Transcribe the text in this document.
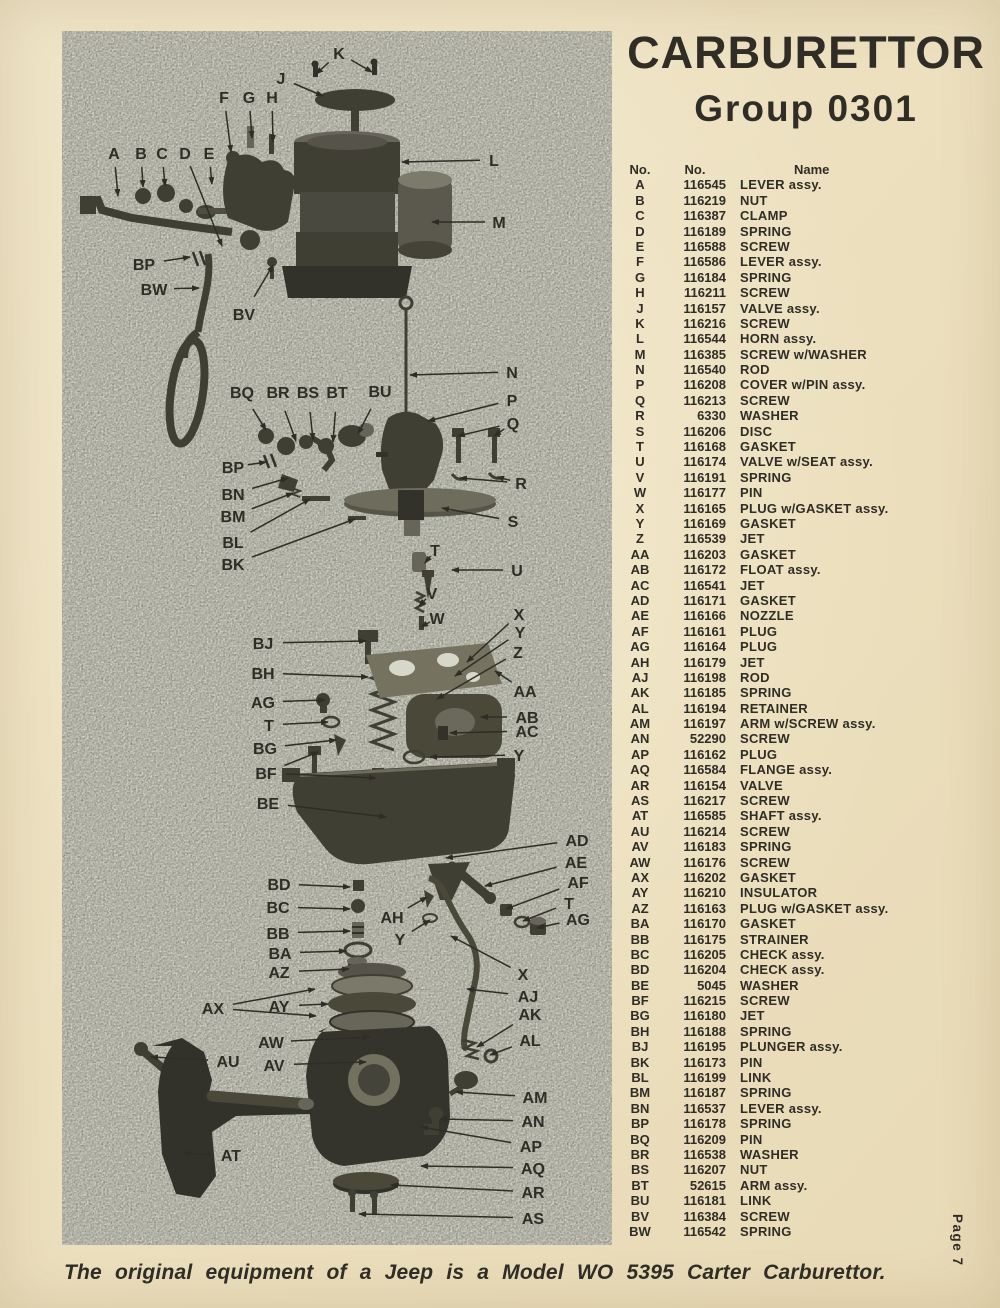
K
J
F G H
A B C D E	L
M
BP
BW
BV
BQ BR BS BT BU
N
P
Q
R
S
BP
BN
BM
BL
BK
T
U
V
W	X
Y
Z
AA
AB
AC
Y
BJ
BH
AG
T
BG
BF
BE
BD
BC
BB
BA
AZ
AX	AY
AW
AU AV
AT
AH
Y
AD
AE
AF
T
AG
X
AJ
AK
AL
AM
AN
AP
AQ
AR
AS
CARBURETTOR
Group 0301
No.	No.	Name
A	116545	LEVER assy.
B	116219	NUT
C	116387	CLAMP
D	116189	SPRING
E	116588	SCREW
F	116586	LEVER assy.
G	116184	SPRING
H	116211	SCREW
J	116157	VALVE assy.
K	116216	SCREW
L	116544	HORN assy.
M	116385	SCREW w/WASHER
N	116540	ROD
P	116208	COVER w/PIN assy.
Q	116213	SCREW
R	6330	WASHER
S	116206	DISC
T	116168	GASKET
U	116174	VALVE w/SEAT assy.
V	116191	SPRING
W	116177	PIN
X	116165	PLUG w/GASKET assy.
Y	116169	GASKET
Z	116539	JET
AA	116203	GASKET
AB	116172	FLOAT assy.
AC	116541	JET
AD	116171	GASKET
AE	116166	NOZZLE
AF	116161	PLUG
AG	116164	PLUG
AH	116179	JET
AJ	116198	ROD
AK	116185	SPRING
AL	116194	RETAINER
AM	116197	ARM w/SCREW assy.
AN	52290	SCREW
AP	116162	PLUG
AQ	116584	FLANGE assy.
AR	116154	VALVE
AS	116217	SCREW
AT	116585	SHAFT assy.
AU	116214	SCREW
AV	116183	SPRING
AW	116176	SCREW
AX	116202	GASKET
AY	116210	INSULATOR
AZ	116163	PLUG w/GASKET assy.
BA	116170	GASKET
BB	116175	STRAINER
BC	116205	CHECK assy.
BD	116204	CHECK assy.
BE	5045	WASHER
BF	116215	SCREW
BG	116180	JET
BH	116188	SPRING
BJ	116195	PLUNGER assy.
BK	116173	PIN
BL	116199	LINK
BM	116187	SPRING
BN	116537	LEVER assy.
BP	116178	SPRING
BQ	116209	PIN
BR	116538	WASHER
BS	116207	NUT
BT	52615	ARM assy.
BU	116181	LINK
BV	116384	SCREW
BW	116542	SPRING
The original equipment of a Jeep is a Model WO 5395 Carter Carburettor.
Page 7
